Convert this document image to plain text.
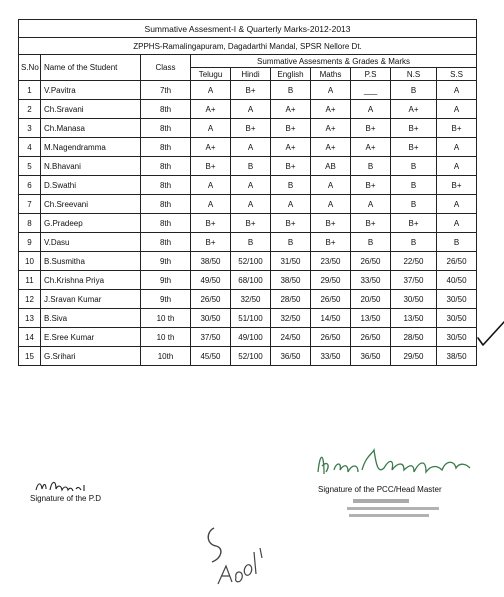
Summative Assesment-I & Quarterly Marks-2012-2013									
ZPPHS-Ramalingapuram, Dagadarthi Mandal, SPSR Nellore Dt.									
S.No	Name of the Student	Class	Summative Assesments & Grades & Marks						
			Telugu	Hindi	English	Maths	P.S	N.S	S.S
1	V.Pavitra	7th	A	B+	B	A	___	B	A
2	Ch.Sravani	8th	A+	A	A+	A+	A	A+	A
3	Ch.Manasa	8th	A	B+	B+	A+	B+	B+	B+
4	M.Nagendramma	8th	A+	A	A+	A+	A+	B+	A
5	N.Bhavani	8th	B+	B	B+	AB	B	B	A
6	D.Swathi	8th	A	A	B	A	B+	B	B+
7	Ch.Sreevani	8th	A	A	A	A	A	B	A
8	G.Pradeep	8th	B+	B+	B+	B+	B+	B+	A
9	V.Dasu	8th	B+	B	B	B+	B	B	B
10	B.Susmitha	9th	38/50	52/100	31/50	23/50	26/50	22/50	26/50
11	Ch.Krishna Priya	9th	49/50	68/100	38/50	29/50	33/50	37/50	40/50
12	J.Sravan Kumar	9th	26/50	32/50	28/50	26/50	20/50	30/50	30/50
13	B.Siva	10 th	30/50	51/100	32/50	14/50	13/50	13/50	30/50
14	E.Sree Kumar	10 th	37/50	49/100	24/50	26/50	26/50	28/50	30/50
15	G.Srihari	10th	45/50	52/100	36/50	33/50	36/50	29/50	38/50
Signature of the P.D
Signature of the PCC/Head Master
